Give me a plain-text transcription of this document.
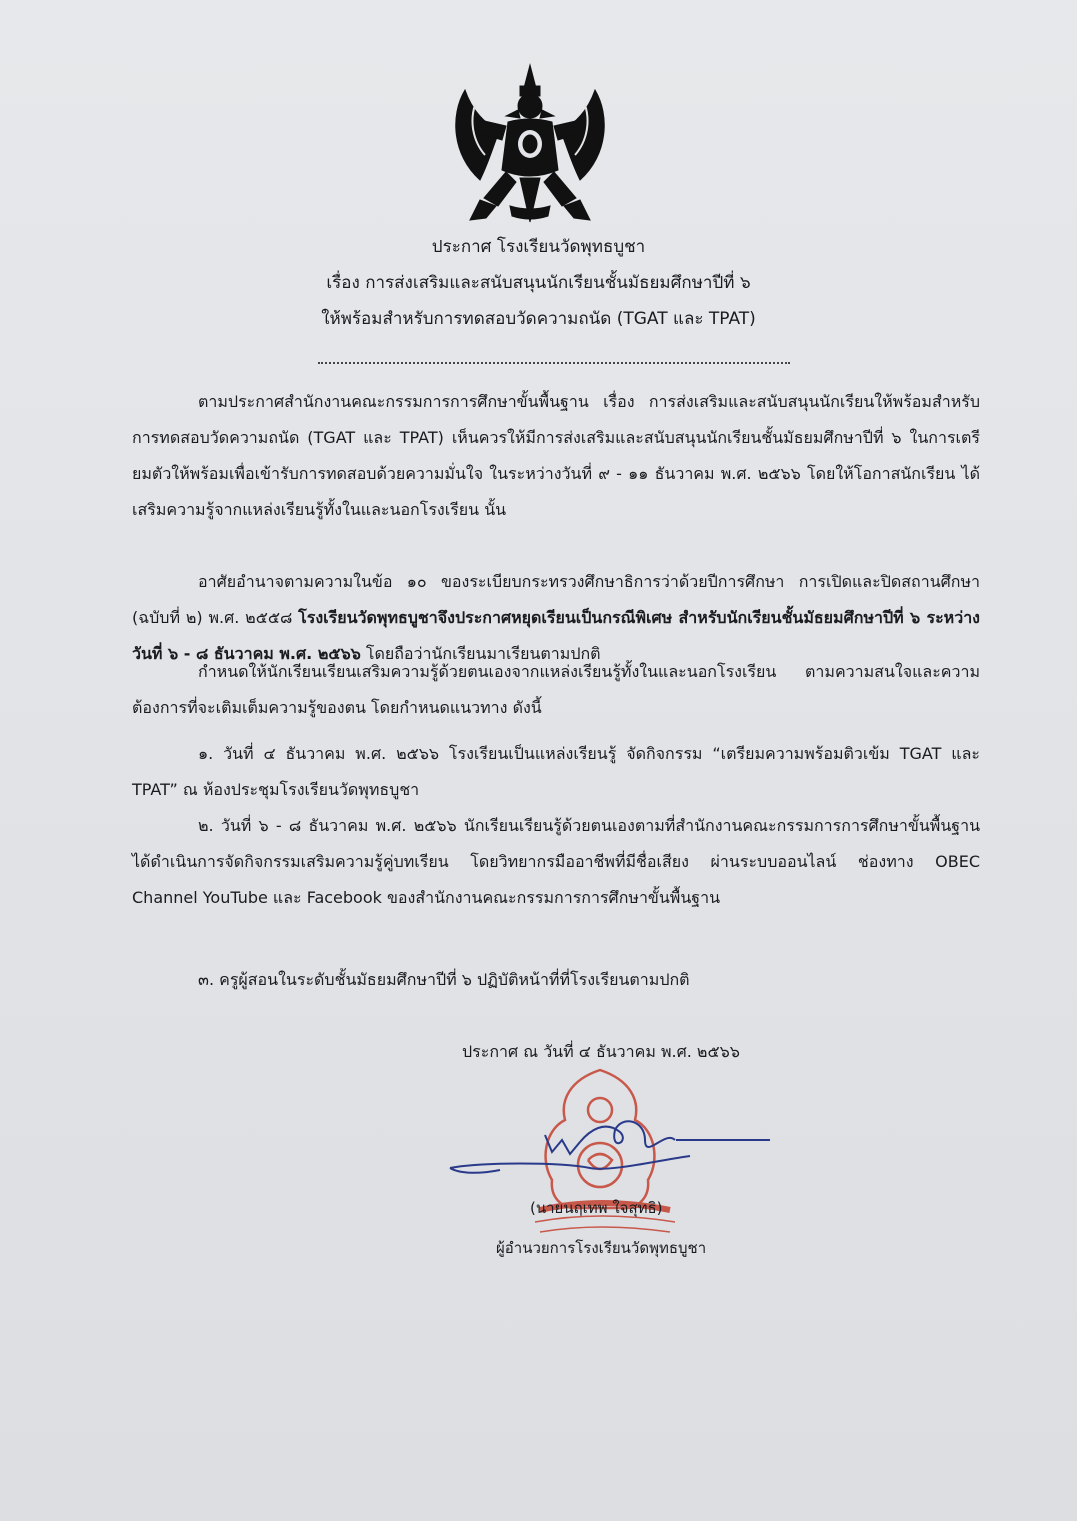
ประกาศ โรงเรียนวัดพุทธบูชา
เรื่อง การส่งเสริมและสนับสนุนนักเรียนชั้นมัธยมศึกษาปีที่ ๖
ให้พร้อมสำหรับการทดสอบวัดความถนัด (TGAT และ TPAT)

ตามประกาศสำนักงานคณะกรรมการการศึกษาขั้นพื้นฐาน เรื่อง การส่งเสริมและสนับสนุนนักเรียนให้พร้อมสำหรับการทดสอบวัดความถนัด (TGAT และ TPAT) เห็นควรให้มีการส่งเสริมและสนับสนุนนักเรียนชั้นมัธยมศึกษาปีที่ ๖ ในการเตรียมตัวให้พร้อมเพื่อเข้ารับการทดสอบด้วยความมั่นใจ ในระหว่างวันที่ ๙ - ๑๑ ธันวาคม พ.ศ. ๒๕๖๖ โดยให้โอกาสนักเรียน ได้เสริมความรู้จากแหล่งเรียนรู้ทั้งในและนอกโรงเรียน นั้น

อาศัยอำนาจตามความในข้อ ๑๐ ของระเบียบกระทรวงศึกษาธิการว่าด้วยปีการศึกษา การเปิดและปิดสถานศึกษา (ฉบับที่ ๒) พ.ศ. ๒๕๕๘ โรงเรียนวัดพุทธบูชาจึงประกาศหยุดเรียนเป็นกรณีพิเศษ สำหรับนักเรียนชั้นมัธยมศึกษาปีที่ ๖ ระหว่างวันที่ ๖ - ๘ ธันวาคม พ.ศ. ๒๕๖๖ โดยถือว่านักเรียนมาเรียนตามปกติ

กำหนดให้นักเรียนเรียนเสริมความรู้ด้วยตนเองจากแหล่งเรียนรู้ทั้งในและนอกโรงเรียน ตามความสนใจและความต้องการที่จะเติมเต็มความรู้ของตน โดยกำหนดแนวทาง ดังนี้

๑. วันที่ ๔ ธันวาคม พ.ศ. ๒๕๖๖ โรงเรียนเป็นแหล่งเรียนรู้ จัดกิจกรรม “เตรียมความพร้อมติวเข้ม TGAT และ TPAT” ณ ห้องประชุมโรงเรียนวัดพุทธบูชา

๒. วันที่ ๖ - ๘ ธันวาคม พ.ศ. ๒๕๖๖ นักเรียนเรียนรู้ด้วยตนเองตามที่สำนักงานคณะกรรมการการศึกษาขั้นพื้นฐาน ได้ดำเนินการจัดกิจกรรมเสริมความรู้คู่บทเรียน โดยวิทยากรมืออาชีพที่มีชื่อเสียง ผ่านระบบออนไลน์ ช่องทาง OBEC Channel YouTube และ Facebook ของสำนักงานคณะกรรมการการศึกษาขั้นพื้นฐาน

๓. ครูผู้สอนในระดับชั้นมัธยมศึกษาปีที่ ๖ ปฏิบัติหน้าที่ที่โรงเรียนตามปกติ

ประกาศ ณ วันที่ ๔ ธันวาคม พ.ศ. ๒๕๖๖
(นายนฤเทพ ใจสุทธิ)
ผู้อำนวยการโรงเรียนวัดพุทธบูชา
